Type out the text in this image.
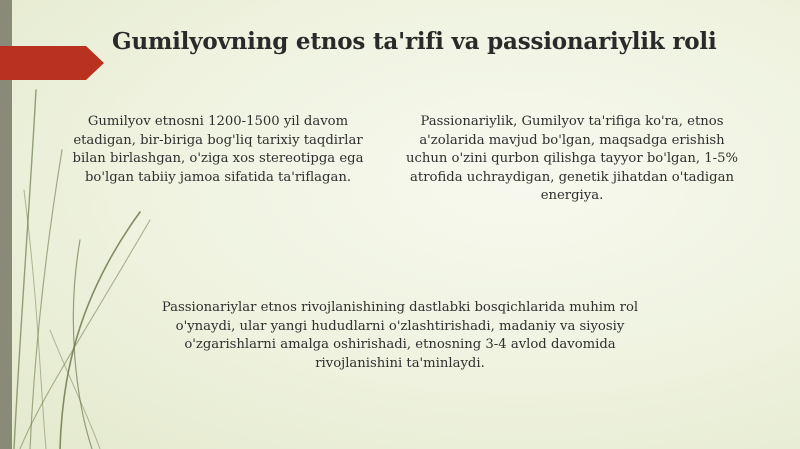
Gumilyovning etnos ta'rifi va passionariylik roli
Gumilyov etnosni 1200-1500 yil davom etadigan, bir-biriga bog'liq tarixiy taqdirlar bilan birlashgan, o'ziga xos stereotipga ega bo'lgan tabiiy jamoa sifatida ta'riflagan.
Passionariylik, Gumilyov ta'rifiga ko'ra, etnos a'zolarida mavjud bo'lgan, maqsadga erishish uchun o'zini qurbon qilishga tayyor bo'lgan, 1-5% atrofida uchraydigan, genetik jihatdan o'tadigan energiya.
Passionariylar etnos rivojlanishining dastlabki bosqichlarida muhim rol o'ynaydi, ular yangi hududlarni o'zlashtirishadi, madaniy va siyosiy o'zgarishlarni amalga oshirishadi, etnosning 3-4 avlod davomida rivojlanishini ta'minlaydi.
